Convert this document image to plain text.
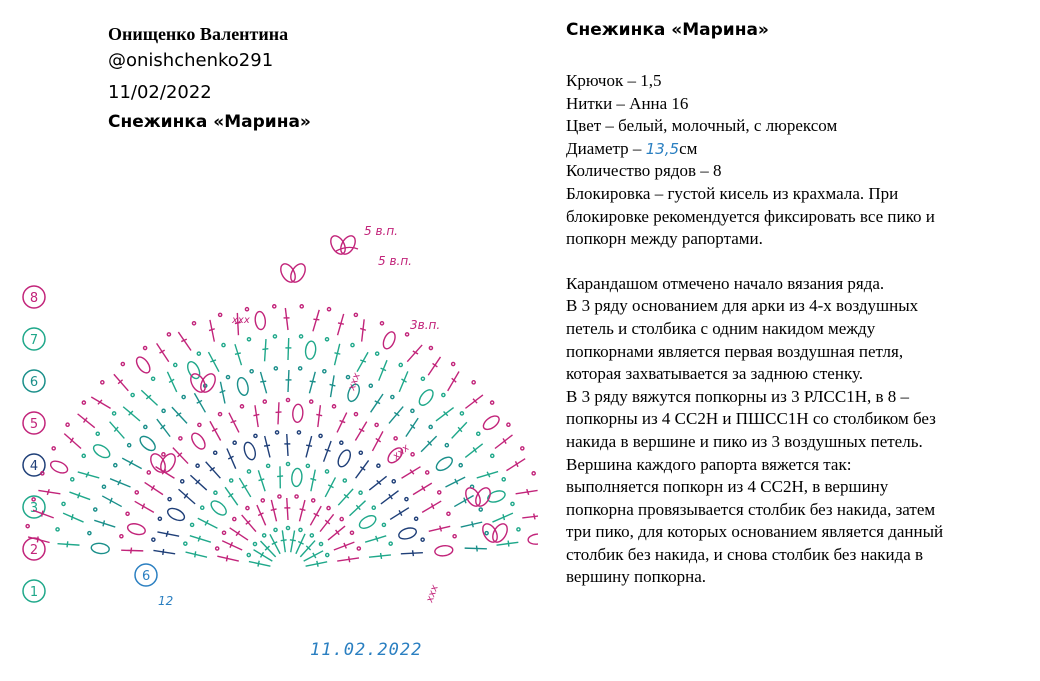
Онищенко Валентина
@onishchenko291
11/02/2022
Снежинка «Марина»
Снежинка «Марина»
Крючок – 1,5
Нитки – Анна 16
Цвет – белый, молочный, с люрексом
Диаметр – 13,5см
Количество рядов – 8
Блокировка – густой кисель из крахмала. При
блокировке рекомендуется фиксировать все пико и
попкорн между рапортами.
Карандашом отмечено начало вязания ряда.
В 3 ряду основанием для арки из 4-х воздушных
петель и столбика с одним накидом между
попкорнами является первая воздушная петля,
которая захватывается за заднюю стенку.
В 3 ряду вяжутся попкорны из 3 РЛСС1Н, в 8 –
попкорны из 4 СС2Н и ПШСС1Н со столбиком без
накида в вершине и пико из 3 воздушных петель.
Вершина каждого рапорта вяжется так:
выполняется попкорн из 4 СС2Н, в вершину
попкорна провязывается столбик без накида, затем
три пико, для которых основанием является данный
столбик без накида, и снова столбик без накида в
вершину попкорна.
8
7
6
5
4
3
2
1
5 в.п.
5 в.п.
3в.п.
xxx
xxx
xxx
xxx
6
12
11.02.2022
